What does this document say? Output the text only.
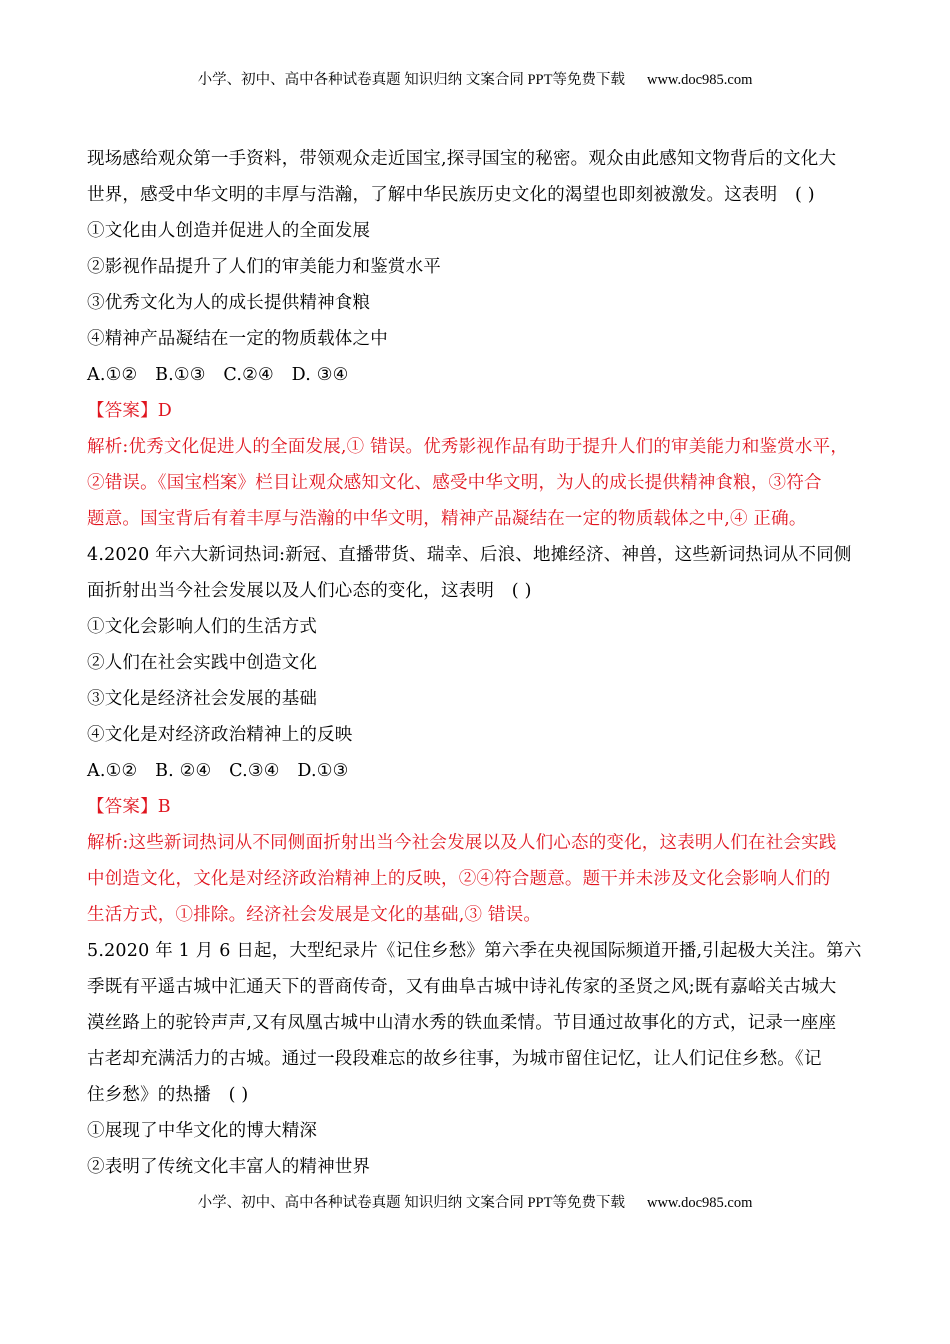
小学、初中、高中各种试卷真题 知识归纳 文案合同 PPT等免费下载 www.doc985.com
现场感给观众第一手资料，带领观众走近国宝,探寻国宝的秘密。观众由此感知文物背后的文化大
世界，感受中华文明的丰厚与浩瀚，了解中华民族历史文化的渴望也即刻被激发。这表明　( )
①文化由人创造并促进人的全面发展
②影视作品提升了人们的审美能力和鉴赏水平
③优秀文化为人的成长提供精神食粮
④精神产品凝结在一定的物质载体之中
A.①②　B.①③　C.②④　D. ③④
【答案】D
解析:优秀文化促进人的全面发展,① 错误。优秀影视作品有助于提升人们的审美能力和鉴赏水平，
②错误。《国宝档案》栏目让观众感知文化、感受中华文明，为人的成长提供精神食粮，③符合
题意。国宝背后有着丰厚与浩瀚的中华文明，精神产品凝结在一定的物质载体之中,④ 正确。
4.2020 年六大新词热词:新冠、直播带货、瑞幸、后浪、地摊经济、神兽，这些新词热词从不同侧
面折射出当今社会发展以及人们心态的变化，这表明　( )
①文化会影响人们的生活方式
②人们在社会实践中创造文化
③文化是经济社会发展的基础
④文化是对经济政治精神上的反映
A.①②　B. ②④　C.③④　D.①③
【答案】B
解析:这些新词热词从不同侧面折射出当今社会发展以及人们心态的变化，这表明人们在社会实践
中创造文化，文化是对经济政治精神上的反映，②④符合题意。题干并未涉及文化会影响人们的
生活方式，①排除。经济社会发展是文化的基础,③ 错误。
5.2020 年 1 月 6 日起，大型纪录片《记住乡愁》第六季在央视国际频道开播,引起极大关注。第六
季既有平遥古城中汇通天下的晋商传奇，又有曲阜古城中诗礼传家的圣贤之风;既有嘉峪关古城大
漠丝路上的驼铃声声,又有凤凰古城中山清水秀的铁血柔情。节目通过故事化的方式，记录一座座
古老却充满活力的古城。通过一段段难忘的故乡往事，为城市留住记忆，让人们记住乡愁。《记
住乡愁》的热播　( )
①展现了中华文化的博大精深
②表明了传统文化丰富人的精神世界
小学、初中、高中各种试卷真题 知识归纳 文案合同 PPT等免费下载 www.doc985.com
